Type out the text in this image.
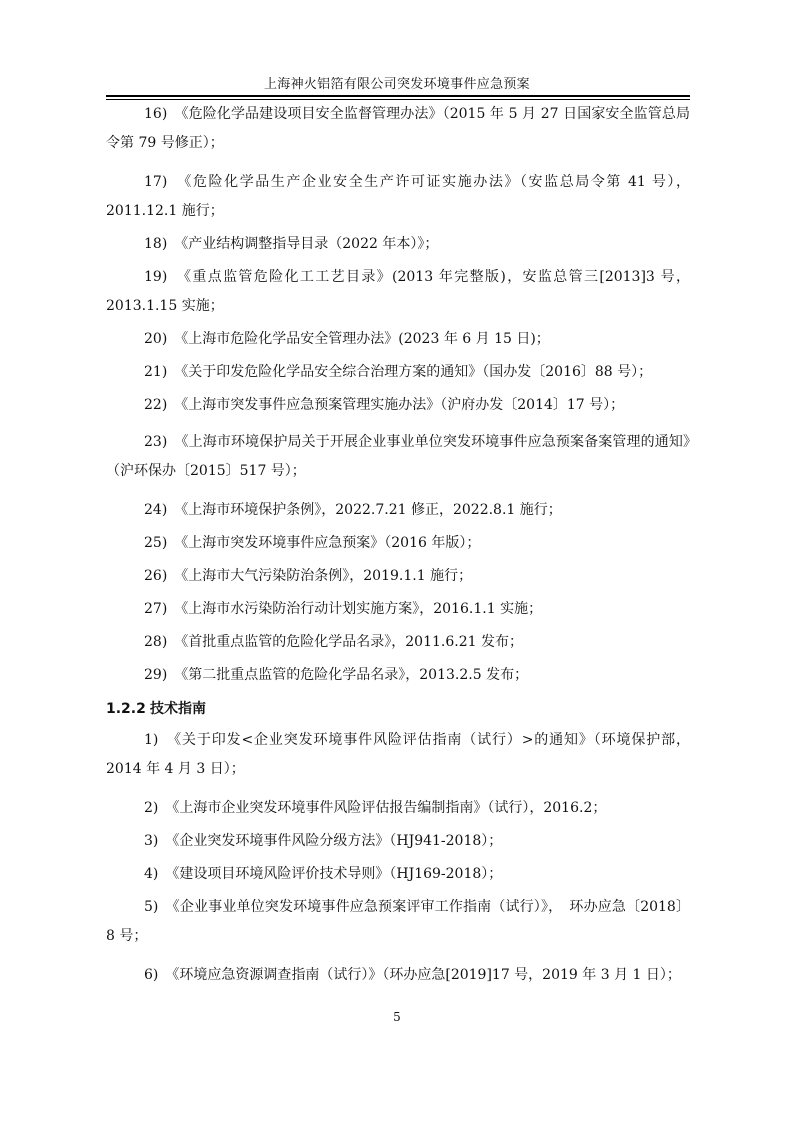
上海神火铝箔有限公司突发环境事件应急预案

16)　《危险化学品建设项目安全监督管理办法》（2015 年 5 月 27 日国家安全监管总局令第 79 号修正）；

17)　《危险化学品生产企业安全生产许可证实施办法》（安监总局令第 41 号），2011.12.1 施行；

18)　《产业结构调整指导目录（2022 年本）》；

19)　《重点监管危险化工工艺目录》(2013 年完整版)，安监总管三[2013]3 号，2013.1.15 实施；

20)　《上海市危险化学品安全管理办法》(2023 年 6 月 15 日)；

21)　《关于印发危险化学品安全综合治理方案的通知》（国办发〔2016〕88 号）；

22)　《上海市突发事件应急预案管理实施办法》（沪府办发〔2014〕17 号）；

23)　《上海市环境保护局关于开展企业事业单位突发环境事件应急预案备案管理的通知》（沪环保办〔2015〕517 号）；

24)　《上海市环境保护条例》，2022.7.21 修正，2022.8.1 施行；

25)　《上海市突发环境事件应急预案》（2016 年版）；

26)　《上海市大气污染防治条例》，2019.1.1 施行；

27)　《上海市水污染防治行动计划实施方案》，2016.1.1 实施；

28)　《首批重点监管的危险化学品名录》，2011.6.21 发布；

29)　《第二批重点监管的危险化学品名录》，2013.2.5 发布；

1.2.2 技术指南

1)　《关于印发<企业突发环境事件风险评估指南（试行）>的通知》（环境保护部，2014 年 4 月 3 日）；

2)　《上海市企业突发环境事件风险评估报告编制指南》（试行），2016.2；

3)　《企业突发环境事件风险分级方法》（HJ941-2018）；

4)　《建设项目环境风险评价技术导则》（HJ169-2018）；

5)　《企业事业单位突发环境事件应急预案评审工作指南（试行）》，　环办应急〔2018〕8 号；

6)　《环境应急资源调查指南（试行）》（环办应急[2019]17 号，2019 年 3 月 1 日）；

5
